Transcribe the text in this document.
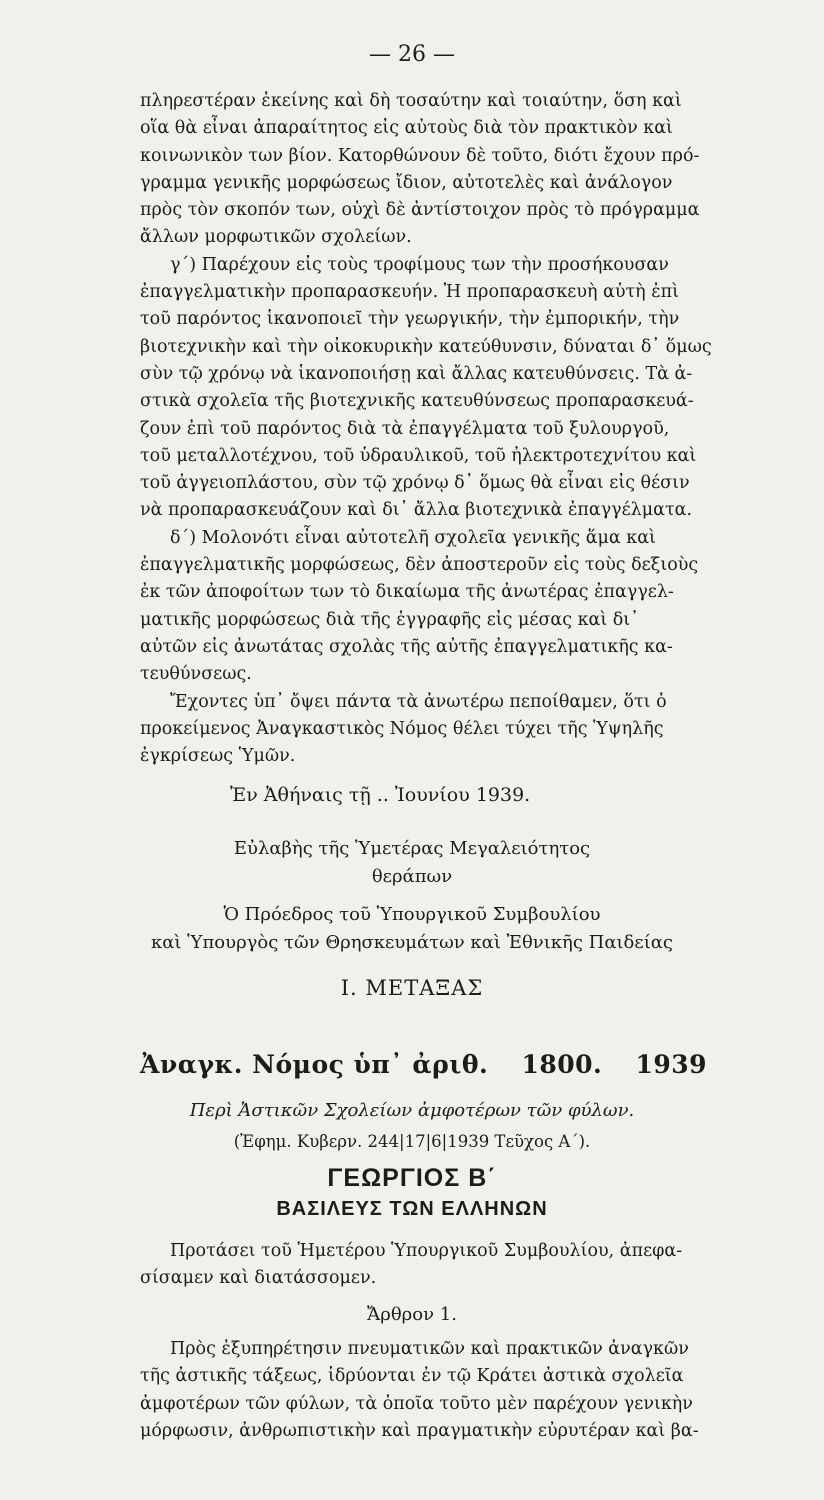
— 26 —
πληρεστέραν ἐκείνης καὶ δὴ τοσαύτην καὶ τοιαύτην, ὅση καὶ
οἵα θὰ εἶναι ἀπαραίτητος εἰς αὐτοὺς διὰ τὸν πρακτικὸν καὶ
κοινωνικὸν των βίον. Κατορθώνουν δὲ τοῦτο, διότι ἔχουν πρό-
γραμμα γενικῆς μορφώσεως ἴδιον, αὐτοτελὲς καὶ ἀνάλογον
πρὸς τὸν σκοπόν των, οὐχὶ δὲ ἀντίστοιχον πρὸς τὸ πρόγραμμα
ἄλλων μορφωτικῶν σχολείων.
γ΄) Παρέχουν εἰς τοὺς τροφίμους των τὴν προσήκουσαν
ἐπαγγελματικὴν προπαρασκευήν. Ἡ προπαρασκευὴ αὐτὴ ἐπὶ
τοῦ παρόντος ἱκανοποιεῖ τὴν γεωργικήν, τὴν ἐμπορικήν, τὴν
βιοτεχνικὴν καὶ τὴν οἰκοκυρικὴν κατεύθυνσιν, δύναται δ᾽ ὅμως
σὺν τῷ χρόνῳ νὰ ἱκανοποιήσῃ καὶ ἄλλας κατευθύνσεις. Τὰ ἀ-
στικὰ σχολεῖα τῆς βιοτεχνικῆς κατευθύνσεως προπαρασκευά-
ζουν ἐπὶ τοῦ παρόντος διὰ τὰ ἐπαγγέλματα τοῦ ξυλουργοῦ,
τοῦ μεταλλοτέχνου, τοῦ ὑδραυλικοῦ, τοῦ ἠλεκτροτεχνίτου καὶ
τοῦ ἀγγειοπλάστου, σὺν τῷ χρόνῳ δ᾽ ὅμως θὰ εἶναι εἰς θέσιν
νὰ προπαρασκευάζουν καὶ δι᾽ ἄλλα βιοτεχνικὰ ἐπαγγέλματα.
δ΄) Μολονότι εἶναι αὐτοτελῆ σχολεῖα γενικῆς ἅμα καὶ
ἐπαγγελματικῆς μορφώσεως, δὲν ἀποστεροῦν εἰς τοὺς δεξιοὺς
ἐκ τῶν ἀποφοίτων των τὸ δικαίωμα τῆς ἀνωτέρας ἐπαγγελ-
ματικῆς μορφώσεως διὰ τῆς ἐγγραφῆς εἰς μέσας καὶ δι᾽
αὐτῶν εἰς ἀνωτάτας σχολὰς τῆς αὐτῆς ἐπαγγελματικῆς κα-
τευθύνσεως.
Ἔχοντες ὑπ᾽ ὄψει πάντα τὰ ἀνωτέρω πεποίθαμεν, ὅτι ὁ
προκείμενος Ἀναγκαστικὸς Νόμος θέλει τύχει τῆς Ὑψηλῆς
ἐγκρίσεως Ὑμῶν.
Ἐν Ἀθήναις τῇ .. Ἰουνίου 1939.
Εὐλαβὴς τῆς Ὑμετέρας Μεγαλειότητος
θεράπων
Ὁ Πρόεδρος τοῦ Ὑπουργικοῦ Συμβουλίου
καὶ Ὑπουργὸς τῶν Θρησκευμάτων καὶ Ἐθνικῆς Παιδείας
Ι. ΜΕΤΑΞΑΣ
Ἀναγκ. Νόμος ὑπ᾽ ἀριθ. 1800. 1939
Περὶ Ἀστικῶν Σχολείων ἀμφοτέρων τῶν φύλων.
(Ἐφημ. Κυβερν. 244|17|6|1939 Τεῦχος Α΄).
ΓΕΩΡΓΙΟΣ Β΄
ΒΑΣΙΛΕΥΣ ΤΩΝ ΕΛΛΗΝΩΝ
Προτάσει τοῦ Ἡμετέρου Ὑπουργικοῦ Συμβουλίου, ἀπεφα-
σίσαμεν καὶ διατάσσομεν.
Ἄρθρον 1.
Πρὸς ἐξυπηρέτησιν πνευματικῶν καὶ πρακτικῶν ἀναγκῶν
τῆς ἀστικῆς τάξεως, ἱδρύονται ἐν τῷ Κράτει ἀστικὰ σχολεῖα
ἀμφοτέρων τῶν φύλων, τὰ ὁποῖα τοῦτο μὲν παρέχουν γενικὴν
μόρφωσιν, ἀνθρωπιστικὴν καὶ πραγματικὴν εὐρυτέραν καὶ βα-
